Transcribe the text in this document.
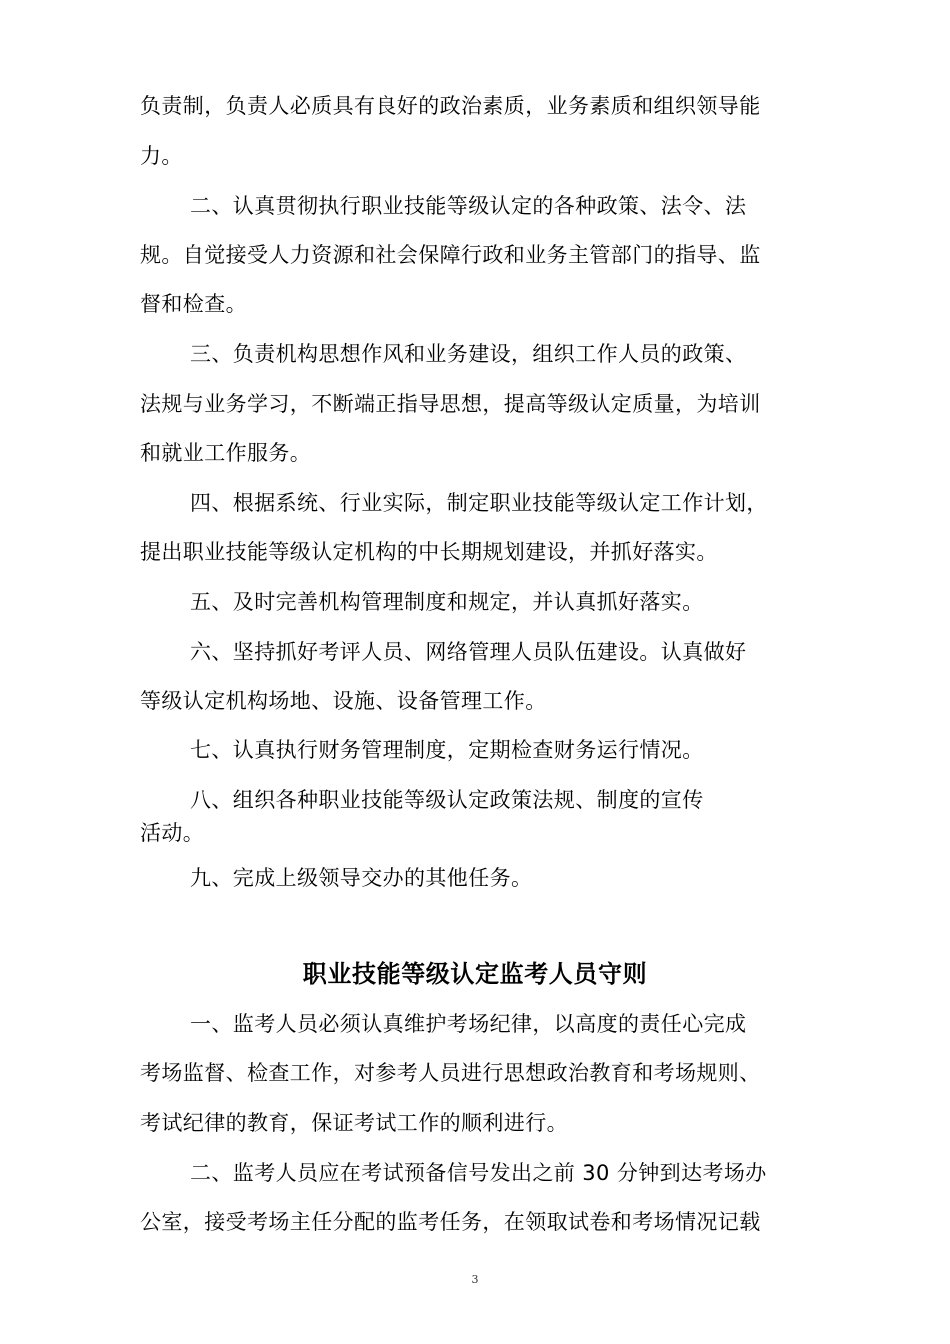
负责制，负责人必质具有良好的政治素质，业务素质和组织领导能
力。
二、认真贯彻执行职业技能等级认定的各种政策、法令、法
规。自觉接受人力资源和社会保障行政和业务主管部门的指导、监
督和检查。
三、负责机构思想作风和业务建设，组织工作人员的政策、
法规与业务学习，不断端正指导思想，提高等级认定质量，为培训
和就业工作服务。
四、根据系统、行业实际，制定职业技能等级认定工作计划，
提出职业技能等级认定机构的中长期规划建设，并抓好落实。
五、及时完善机构管理制度和规定，并认真抓好落实。
六、坚持抓好考评人员、网络管理人员队伍建设。认真做好
等级认定机构场地、设施、设备管理工作。
七、认真执行财务管理制度，定期检查财务运行情况。
八、组织各种职业技能等级认定政策法规、制度的宣传
活动。
九、完成上级领导交办的其他任务。
职业技能等级认定监考人员守则
一、监考人员必须认真维护考场纪律，以高度的责任心完成
考场监督、检查工作，对参考人员进行思想政治教育和考场规则、
考试纪律的教育，保证考试工作的顺利进行。
二、监考人员应在考试预备信号发出之前 30 分钟到达考场办
公室，接受考场主任分配的监考任务，在领取试卷和考场情况记载
3
